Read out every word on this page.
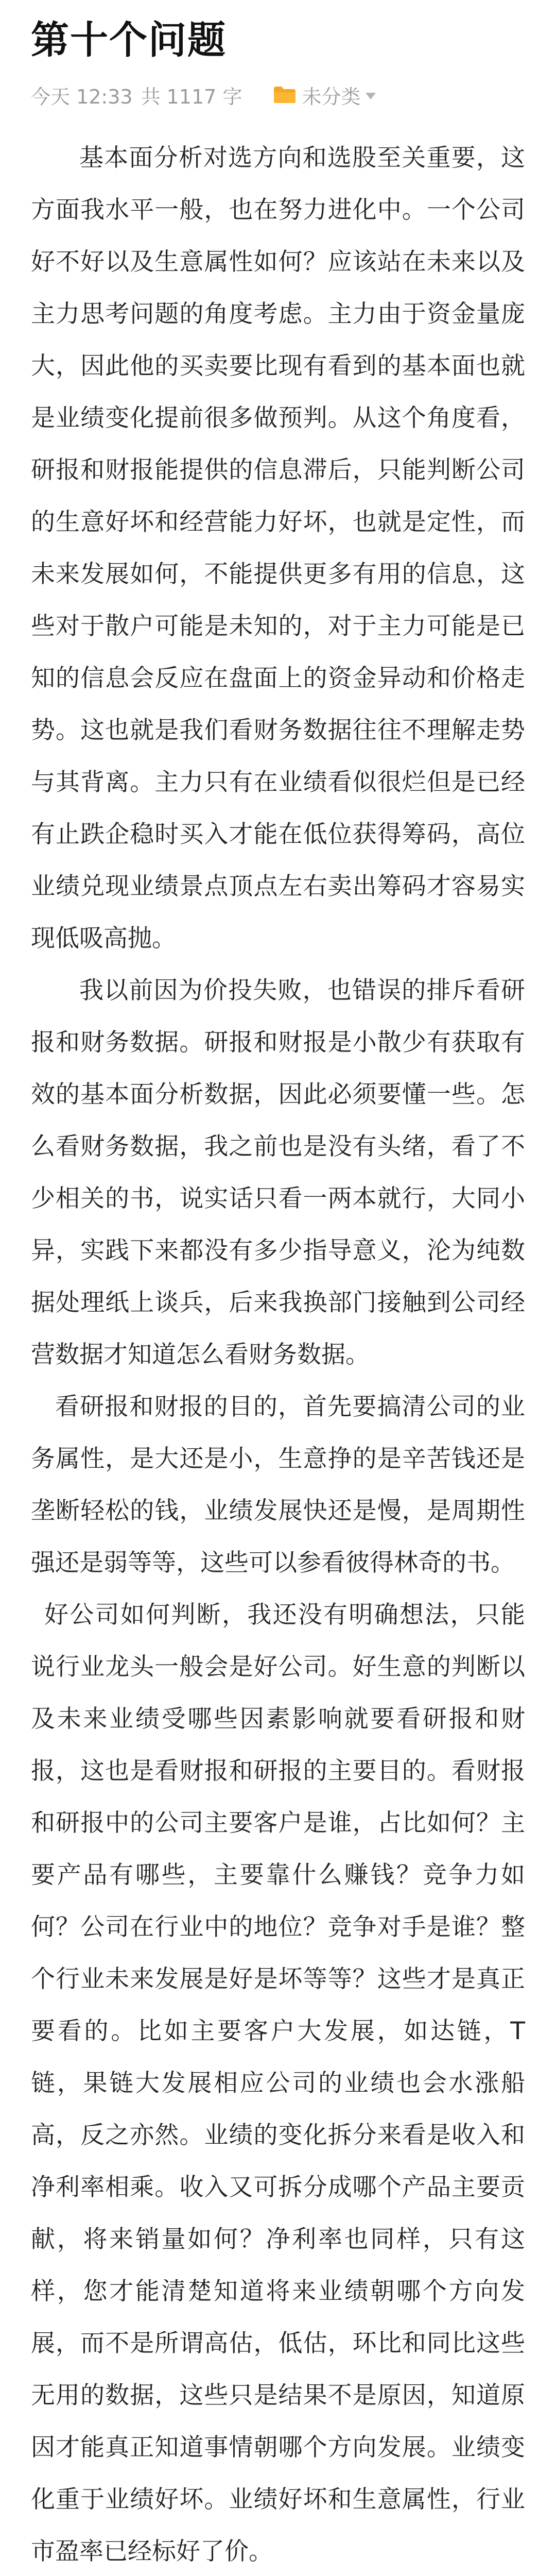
第十个问题
今天 12:33 共 1117 字	未分类

基本面分析对选方向和选股至关重要，这方面我水平一般，也在努力进化中。一个公司好不好以及生意属性如何？应该站在未来以及主力思考问题的角度考虑。主力由于资金量庞大，因此他的买卖要比现有看到的基本面也就是业绩变化提前很多做预判。从这个角度看，研报和财报能提供的信息滞后，只能判断公司的生意好坏和经营能力好坏，也就是定性，而未来发展如何，不能提供更多有用的信息，这些对于散户可能是未知的，对于主力可能是已知的信息会反应在盘面上的资金异动和价格走势。这也就是我们看财务数据往往不理解走势与其背离。主力只有在业绩看似很烂但是已经有止跌企稳时买入才能在低位获得筹码，高位业绩兑现业绩景点顶点左右卖出筹码才容易实现低吸高抛。

我以前因为价投失败，也错误的排斥看研报和财务数据。研报和财报是小散少有获取有效的基本面分析数据，因此必须要懂一些。怎么看财务数据，我之前也是没有头绪，看了不少相关的书，说实话只看一两本就行，大同小异，实践下来都没有多少指导意义，沦为纯数据处理纸上谈兵，后来我换部门接触到公司经营数据才知道怎么看财务数据。

看研报和财报的目的，首先要搞清公司的业务属性，是大还是小，生意挣的是辛苦钱还是垄断轻松的钱，业绩发展快还是慢，是周期性强还是弱等等，这些可以参看彼得林奇的书。

好公司如何判断，我还没有明确想法，只能说行业龙头一般会是好公司。好生意的判断以及未来业绩受哪些因素影响就要看研报和财报，这也是看财报和研报的主要目的。看财报和研报中的公司主要客户是谁，占比如何？主要产品有哪些，主要靠什么赚钱？竞争力如何？公司在行业中的地位？竞争对手是谁？整个行业未来发展是好是坏等等？这些才是真正要看的。比如主要客户大发展，如达链，T链，果链大发展相应公司的业绩也会水涨船高，反之亦然。业绩的变化拆分来看是收入和净利率相乘。收入又可拆分成哪个产品主要贡献，将来销量如何？净利率也同样，只有这样，您才能清楚知道将来业绩朝哪个方向发展，而不是所谓高估，低估，环比和同比这些无用的数据，这些只是结果不是原因，知道原因才能真正知道事情朝哪个方向发展。业绩变化重于业绩好坏。业绩好坏和生意属性，行业市盈率已经标好了价。
